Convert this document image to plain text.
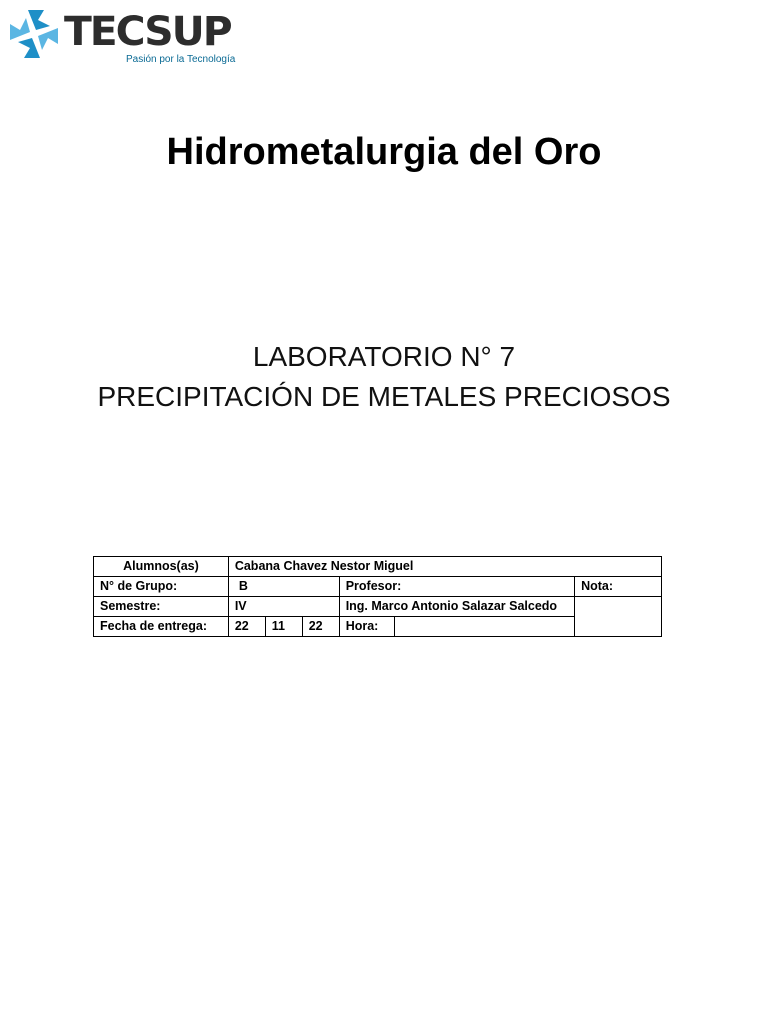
TECSUP
Pasión por la Tecnología
Hidrometalurgia del Oro
LABORATORIO N° 7
PRECIPITACIÓN DE METALES PRECIOSOS
Alumnos(as)	Cabana Chavez Nestor Miguel					
N° de Grupo:	B			Profesor:		Nota:
Semestre:	IV			Ing. Marco Antonio Salazar Salcedo		
Fecha de entrega:	22	11	22	Hora:		
